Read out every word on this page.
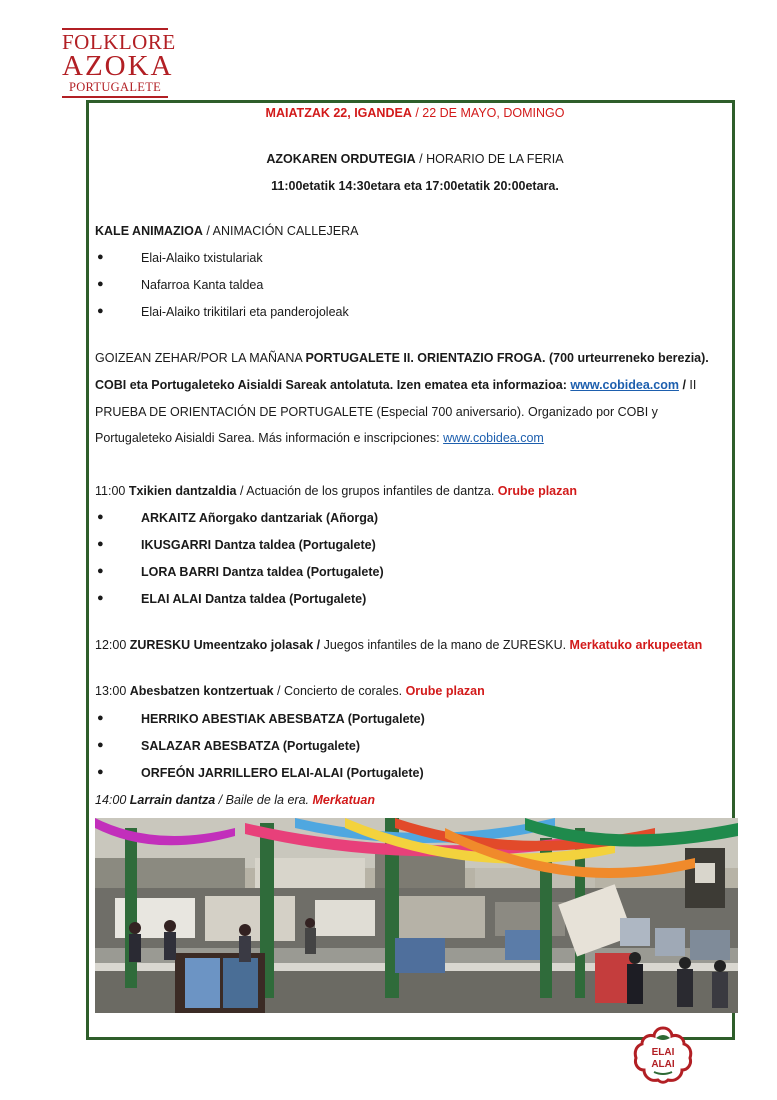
FOLKLORE
AZOKA
PORTUGALETE
MAIATZAK 22, IGANDEA / 22 DE MAYO, DOMINGO
AZOKAREN ORDUTEGIA / HORARIO DE LA FERIA
11:00etatik 14:30etara eta 17:00etatik 20:00etara.
KALE ANIMAZIOA / ANIMACIÓN CALLEJERA
●	Elai-Alaiko txistulariak
●	Nafarroa Kanta taldea
●	Elai-Alaiko trikitilari eta panderojoleak
GOIZEAN ZEHAR/POR LA MAÑANA PORTUGALETE II. ORIENTAZIO FROGA. (700 urteurreneko berezia).
COBI eta Portugaleteko Aisialdi Sareak antolatuta. Izen ematea eta informazioa: www.cobidea.com / II
PRUEBA DE ORIENTACIÓN DE PORTUGALETE (Especial 700 aniversario). Organizado por COBI y
Portugaleteko Aisialdi Sarea. Más información e inscripciones: www.cobidea.com
11:00 Txikien dantzaldia / Actuación de los grupos infantiles de dantza. Orube plazan
●	ARKAITZ Añorgako dantzariak (Añorga)
●	IKUSGARRI Dantza taldea (Portugalete)
●	LORA BARRI Dantza taldea (Portugalete)
●	ELAI ALAI Dantza taldea (Portugalete)
12:00 ZURESKU Umeentzako jolasak / Juegos infantiles de la mano de ZURESKU. Merkatuko arkupeetan
13:00 Abesbatzen kontzertuak / Concierto de corales. Orube plazan
●	HERRIKO ABESTIAK ABESBATZA (Portugalete)
●	SALAZAR ABESBATZA (Portugalete)
●	ORFEÓN JARRILLERO ELAI-ALAI (Portugalete)
14:00 Larrain dantza / Baile de la era. Merkatuan
ELAI
ALAI
